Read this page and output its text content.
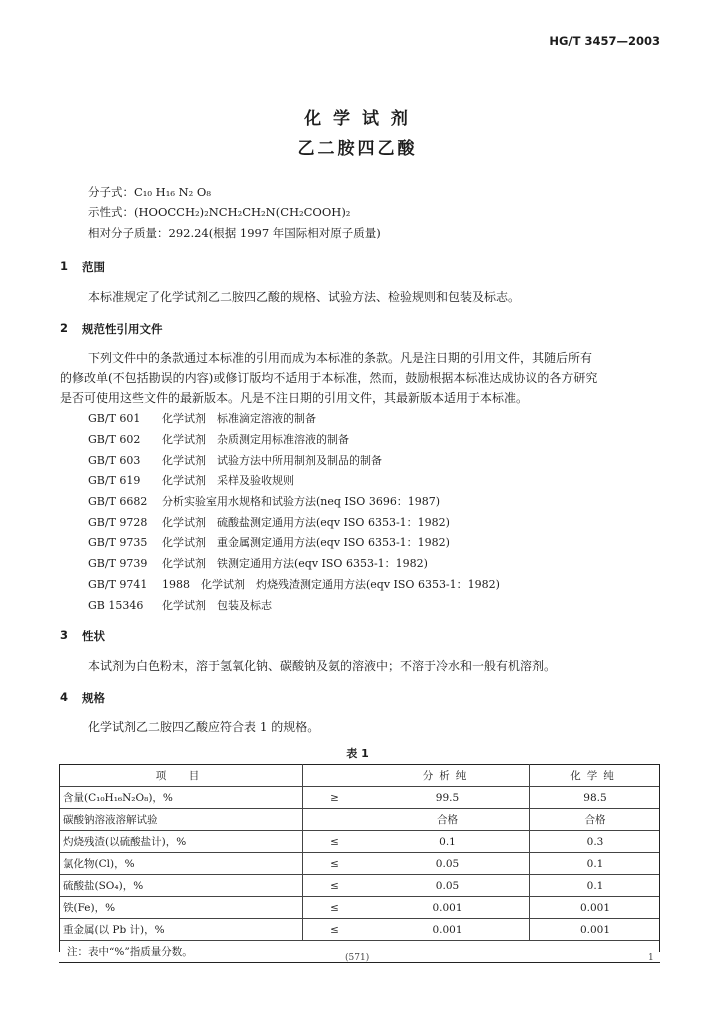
HG/T 3457—2003
化 学 试 剂
乙二胺四乙酸
分子式：C₁₀ H₁₆ N₂ O₈
示性式：(HOOCCH₂)₂NCH₂CH₂N(CH₂COOH)₂
相对分子质量：292.24(根据 1997 年国际相对原子质量)
1 范围
本标准规定了化学试剂乙二胺四乙酸的规格、试验方法、检验规则和包装及标志。
2 规范性引用文件
下列文件中的条款通过本标准的引用而成为本标准的条款。凡是注日期的引用文件，其随后所有
的修改单(不包括勘误的内容)或修订版均不适用于本标准，然而，鼓励根据本标准达成协议的各方研究
是否可使用这些文件的最新版本。凡是不注日期的引用文件，其最新版本适用于本标准。
GB/T 601 化学试剂　标准滴定溶液的制备
GB/T 602 化学试剂　杂质测定用标准溶液的制备
GB/T 603 化学试剂　试验方法中所用制剂及制品的制备
GB/T 619 化学试剂　采样及验收规则
GB/T 6682 分析实验室用水规格和试验方法(neq ISO 3696：1987)
GB/T 9728 化学试剂　硫酸盐测定通用方法(eqv ISO 6353-1：1982)
GB/T 9735 化学试剂　重金属测定通用方法(eqv ISO 6353-1：1982)
GB/T 9739 化学试剂　铁测定通用方法(eqv ISO 6353-1：1982)
GB/T 9741 1988　化学试剂　灼烧残渣测定通用方法(eqv ISO 6353-1：1982)
GB 15346 化学试剂　包装及标志
3 性状
本试剂为白色粉末，溶于氢氧化钠、碳酸钠及氨的溶液中；不溶于冷水和一般有机溶剂。
4 规格
化学试剂乙二胺四乙酸应符合表 1 的规格。
表 1
项　目		分析纯	化学纯
含量(C₁₀H₁₆N₂O₈)，%	≥	99.5	98.5
碳酸钠溶液溶解试验		合格	合格
灼烧残渣(以硫酸盐计)，%	≤	0.1	0.3
氯化物(Cl)，%	≤	0.05	0.1
硫酸盐(SO₄)，%	≤	0.05	0.1
铁(Fe)，%	≤	0.001	0.001
重金属(以 Pb 计)，%	≤	0.001	0.001
注：表中“%”指质量分数。				(571)	1
